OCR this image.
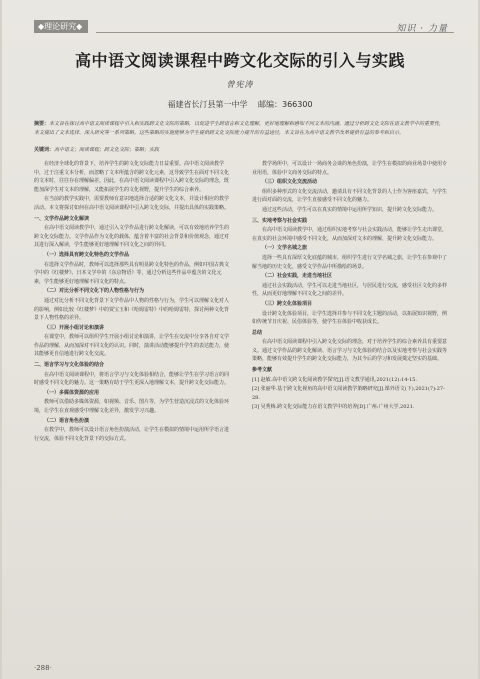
◆理论研究◆	知识 · 力量
高中语文阅读课程中跨文化交际的引入与实践
曾宪涛
福建省长汀县第一中学 邮编：366300
摘要：本文旨在探讨高中语文阅读课程中引入和实践跨文化交际的策略，以促进学生跨语言和文化理解，更好地理解和感知不同文本的内涵。通过分析跨文化交际在语文教学中的重要性，本文提出了文本选择、深入研究等一系列策略。这些策略的实施能够为学生提供跨文化交际能力提升的有益途径，本文旨在为高中语文教学改革提供有益的参考和启示。
关键词：高中语文；阅读课程；跨文化交际；策略；实践

在经济全球化的背景下，培养学生的跨文化交际能力日益重要。高中语文阅读教学中，过于注重文本分析，而忽略了文本所蕴含的跨文化元素，这导致学生在面对不同文化的文本时，往往存在理解偏差。因此，在高中语文阅读课程中引入跨文化交际的理念，既能加深学生对文本的理解，又能拓展学生的文化视野，提升学生的综合素养。

在当前的教学实践中，需要教师有意识地选择合适的跨文化文本，并设计相应的教学活动。本文将探讨如何在高中语文阅读课程中引入跨文化交际，并提出具体的实践策略。

一、文学作品跨文化解读

在高中语文阅读教学中，通过引入文学作品进行跨文化解读，可以有效地培养学生的跨文化交际能力。文学作品作为文化的载体，蕴含着丰富的社会背景和价值观念，通过对其进行深入解读，学生能够更好地理解不同文化之间的异同。

（一）选择具有跨文化特色的文学作品

在选择文学作品时，教师可以选择那些具有明显跨文化特色的作品，例如中国古典文学中的《红楼梦》、日本文学中的《东京物语》等，通过分析这些作品中蕴含的文化元素，学生能够更好地理解不同文化的特点。

（二）对比分析不同文化下的人物性格与行为

通过对比分析不同文化背景下文学作品中人物的性格与行为，学生可以理解文化对人的影响，例如比较《红楼梦》中的贾宝玉和《哈姆雷特》中的哈姆雷特，探讨两种文化背景下人物性格的差异。

（三）开展小组讨论和演讲

在课堂中，教师可以组织学生开展小组讨论和演讲，让学生在交流中分享各自对文学作品的理解，从而加深对不同文化的认识。同时，演讲活动能够提升学生的表达能力，使其能够更自信地进行跨文化交流。

二、语言学习与文化体验的结合

在高中语文阅读课程中，将语言学习与文化体验相结合，能够让学生在学习语言的同时感受不同文化的魅力。这一策略有助于学生更深入地理解文本，提升跨文化交际能力。

（一）多媒体资源的应用

教师可以借助多媒体资源，如视频、音乐、图片等，为学生营造沉浸式的文化体验环境，让学生在直观感受中理解文化差异，激发学习兴趣。

（二）语言角色扮演

在教学中，教师可以设计语言角色扮演活动，让学生在模拟的情境中运用所学语言进行交流，体验不同文化背景下的交际方式。

教学场所中，可以设计一场商务会谈的角色扮演，让学生在模拟的商业场景中使用专业用语，体验中文商务交际的特点。

（三）组织文化交流活动

组织多种形式的文化交流活动，邀请具有不同文化背景的人士作为客座嘉宾，与学生进行面对面的交流，让学生直接感受不同文化的魅力。

通过这些活动，学生可以在真实的情境中运用所学知识，提升跨文化交际能力。

三、实地考察与社会实践

在高中语文阅读教学中，通过组织实地考察与社会实践活动，能够让学生走出课堂，在真实的社会环境中感受不同文化，从而加深对文本的理解，提升跨文化交际能力。

（一）文学名城之旅

选择一些具有深厚文化底蕴的城市，组织学生进行文学名城之旅，让学生在参观中了解当地的历史文化，感受文学作品中所描绘的场景。

（二）社会实践，走进当地社区

通过社会实践活动，学生可以走进当地社区，与居民进行交流，感受社区文化的多样性，从而更好地理解不同文化之间的差异。

（三）跨文化体验项目

设计跨文化体验项目，让学生选择并参与不同文化主题的活动，以拓展知识视野，例如传统节日庆祝、民俗体验等，使学生在体验中收获成长。

总结

在高中语文阅读课程中引入跨文化交际的理念，对于培养学生的综合素养具有重要意义。通过文学作品的跨文化解读、语言学习与文化体验的结合以及实地考察与社会实践等策略，能够有效提升学生的跨文化交际能力，为其今后的学习和发展奠定坚实的基础。

参考文献

[1] 赵敏.高中语文跨文化阅读教学探究[J].语文教学通讯,2021(12):14-15.

[2] 张丽华.基于跨文化视角的高中语文阅读教学策略研究[J].课外语文(下),2021(7):27-28.

[3] 吴秀梅.跨文化交际能力在语文教学中的培养[D].广州:广州大学,2021.

·288·
